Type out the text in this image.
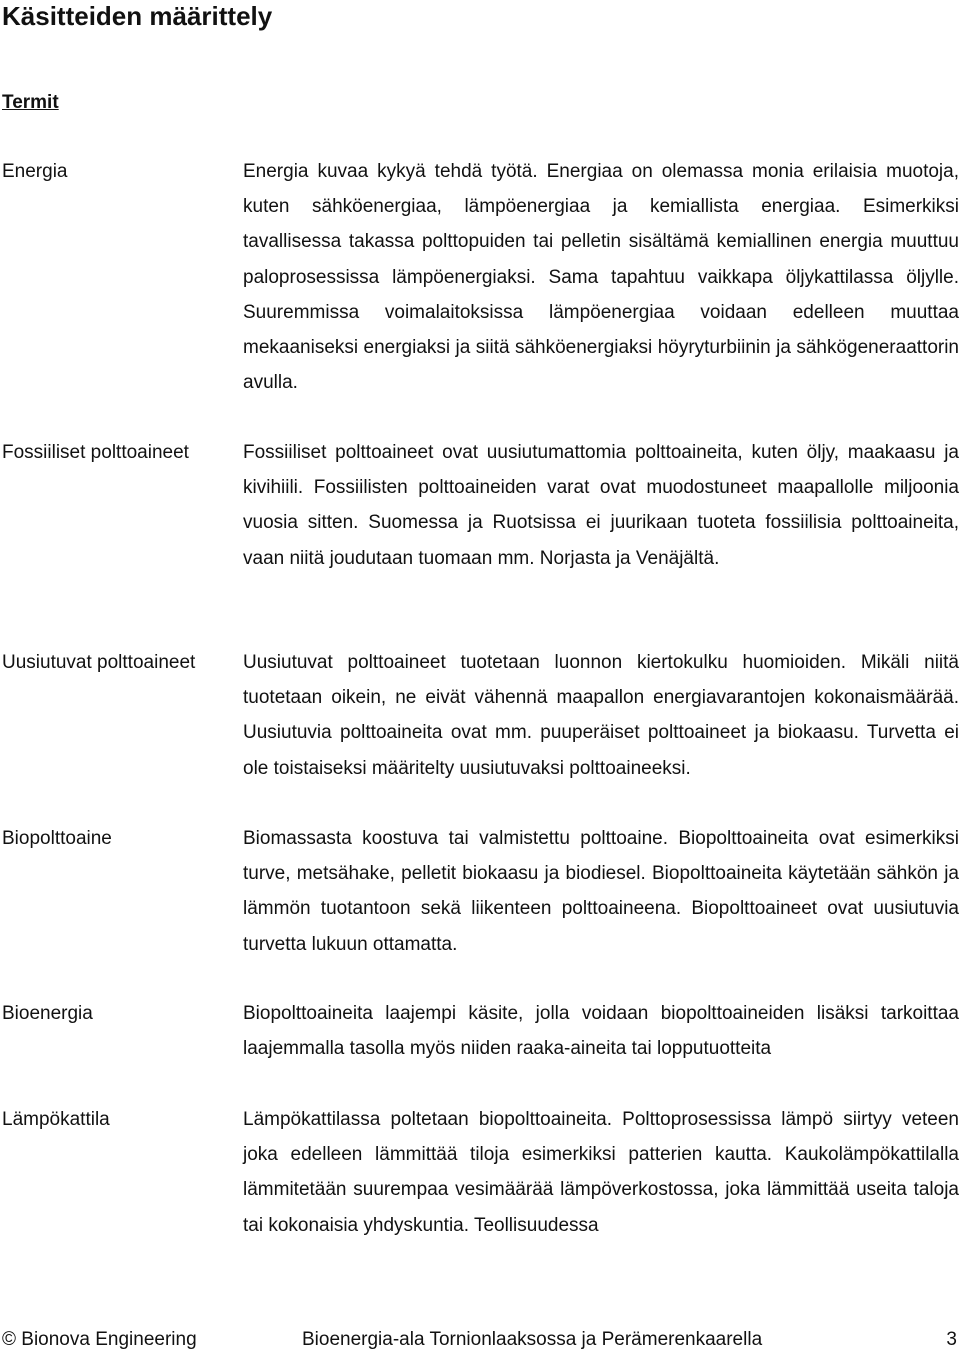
Käsitteiden määrittely
Termit
Energia	Energia kuvaa kykyä tehdä työtä. Energiaa on olemassa monia erilaisia muotoja, kuten sähköenergiaa, lämpöenergiaa ja kemiallista energiaa. Esimerkiksi tavallisessa takassa polttopuiden tai pelletin sisältämä kemiallinen energia muuttuu paloprosessissa lämpöenergiaksi. Sama tapahtuu vaikkapa öljykattilassa öljylle. Suuremmissa voimalaitoksissa lämpöenergiaa voidaan edelleen muuttaa mekaaniseksi energiaksi ja siitä sähköenergiaksi höyryturbiinin ja sähkögeneraattorin avulla.

Fossiiliset polttoaineet	Fossiiliset polttoaineet ovat uusiutumattomia polttoaineita, kuten öljy, maakaasu ja kivihiili. Fossiilisten polttoaineiden varat ovat muodostuneet maapallolle miljoonia vuosia sitten. Suomessa ja Ruotsissa ei juurikaan tuoteta fossiilisia polttoaineita, vaan niitä joudutaan tuomaan mm. Norjasta ja Venäjältä.

Uusiutuvat polttoaineet	Uusiutuvat polttoaineet tuotetaan luonnon kiertokulku huomioiden. Mikäli niitä tuotetaan oikein, ne eivät vähennä maapallon energiavarantojen kokonaismäärää. Uusiutuvia polttoaineita ovat mm. puuperäiset polttoaineet ja biokaasu. Turvetta ei ole toistaiseksi määritelty uusiutuvaksi polttoaineeksi.

Biopolttoaine	Biomassasta koostuva tai valmistettu polttoaine. Biopolttoaineita ovat esimerkiksi turve, metsähake, pelletit biokaasu ja biodiesel. Biopolttoaineita käytetään sähkön ja lämmön tuotantoon sekä liikenteen polttoaineena. Biopolttoaineet ovat uusiutuvia turvetta lukuun ottamatta.

Bioenergia	Biopolttoaineita laajempi käsite, jolla voidaan biopolttoaineiden lisäksi tarkoittaa laajemmalla tasolla myös niiden raaka-aineita tai lopputuotteita

Lämpökattila	Lämpökattilassa poltetaan biopolttoaineita. Polttoprosessissa lämpö siirtyy veteen joka edelleen lämmittää tiloja esimerkiksi patterien kautta. Kaukolämpökattilalla lämmitetään suurempaa vesimäärää lämpöverkostossa, joka lämmittää useita taloja tai kokonaisia yhdyskuntia. Teollisuudessa

© Bionova Engineering	Bioenergia-ala Tornionlaaksossa ja Perämerenkaarella	3
